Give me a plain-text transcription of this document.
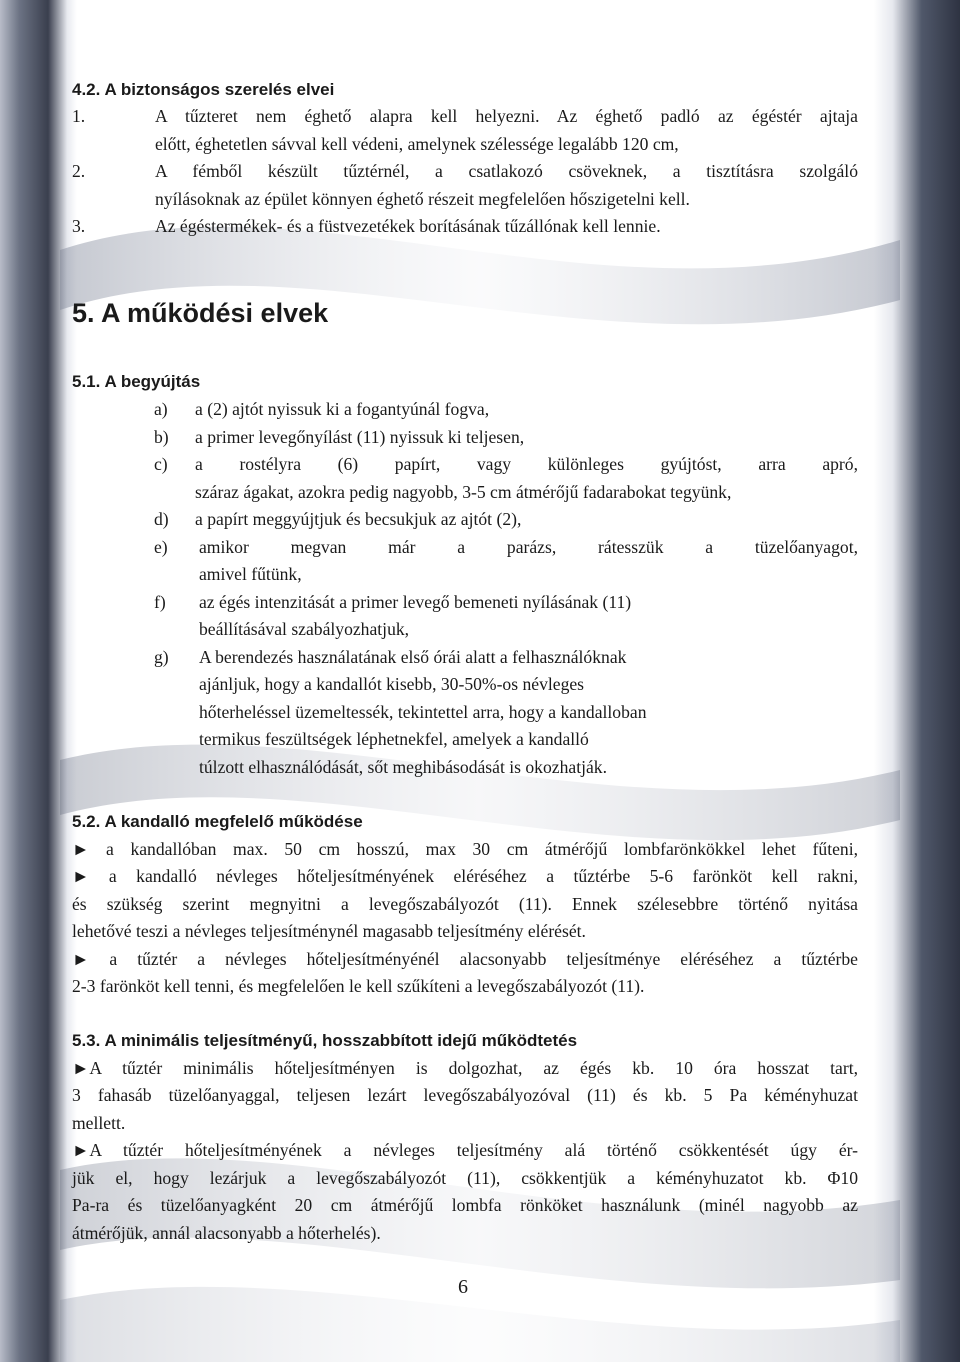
4.2. A biztonságos szerelés elvei
1.	A tűzteret nem éghető alapra kell helyezni. Az éghető padló az égéstér ajtaja
előtt, éghetetlen sávval kell védeni, amelynek szélessége legalább 120 cm,
2.	A fémből készült tűztérnél, a csatlakozó csöveknek, a tisztításra szolgáló
nyílásoknak az épület könnyen éghető részeit megfelelően hőszigetelni kell.
3.	Az égéstermékek- és a füstvezetékek borításának tűzállónak kell lennie.
5. A működési elvek
5.1. A begyújtás
a) a (2) ajtót nyissuk ki a fogantyúnál fogva,
b) a primer levegőnyílást (11) nyissuk ki teljesen,
c) a rostélyra (6) papírt, vagy különleges gyújtóst, arra apró,
száraz ágakat, azokra pedig nagyobb, 3-5 cm átmérőjű fadarabokat tegyünk,
d) a papírt meggyújtjuk és becsukjuk az ajtót (2),
e) amikor megvan már a parázs, rátesszük a tüzelőanyagot,
amivel fűtünk,
f) az égés intenzitását a primer levegő bemeneti nyílásának (11)
beállításával szabályozhatjuk,
g) A berendezés használatának első órái alatt a felhasználóknak
ajánljuk, hogy a kandallót kisebb, 30-50%-os névleges
hőterheléssel üzemeltessék, tekintettel arra, hogy a kandalloban
termikus feszültségek léphetnekfel, amelyek a kandalló
túlzott elhasználódását, sőt meghibásodását is okozhatják.
5.2. A kandalló megfelelő működése
► a kandallóban max. 50 cm hosszú, max 30 cm átmérőjű lombfarönkökkel lehet fűteni,
► a kandalló névleges hőteljesítményének eléréséhez a tűztérbe 5-6 farönköt kell rakni,
és szükség szerint megnyitni a levegőszabályozót (11). Ennek szélesebbre történő nyitása
lehetővé teszi a névleges teljesítménynél magasabb teljesítmény elérését.
► a tűztér a névleges hőteljesítményénél alacsonyabb teljesítménye eléréséhez a tűztérbe
2-3 farönköt kell tenni, és megfelelően le kell szűkíteni a levegőszabályozót (11).
5.3. A minimális teljesítményű, hosszabbított idejű működtetés
►A tűztér minimális hőteljesítményen is dolgozhat, az égés kb. 10 óra hosszat tart,
3 fahasáb tüzelőanyaggal, teljesen lezárt levegőszabályozóval (11) és kb. 5 Pa kéményhuzat
mellett.
►A tűztér hőteljesítményének a névleges teljesítmény alá történő csökkentését úgy ér-
jük el, hogy lezárjuk a levegőszabályozót (11), csökkentjük a kéményhuzatot kb. Φ10
Pa-ra és tüzelőanyagként 20 cm átmérőjű lombfa rönköket használunk (minél nagyobb az
átmérőjük, annál alacsonyabb a hőterhelés).
6
